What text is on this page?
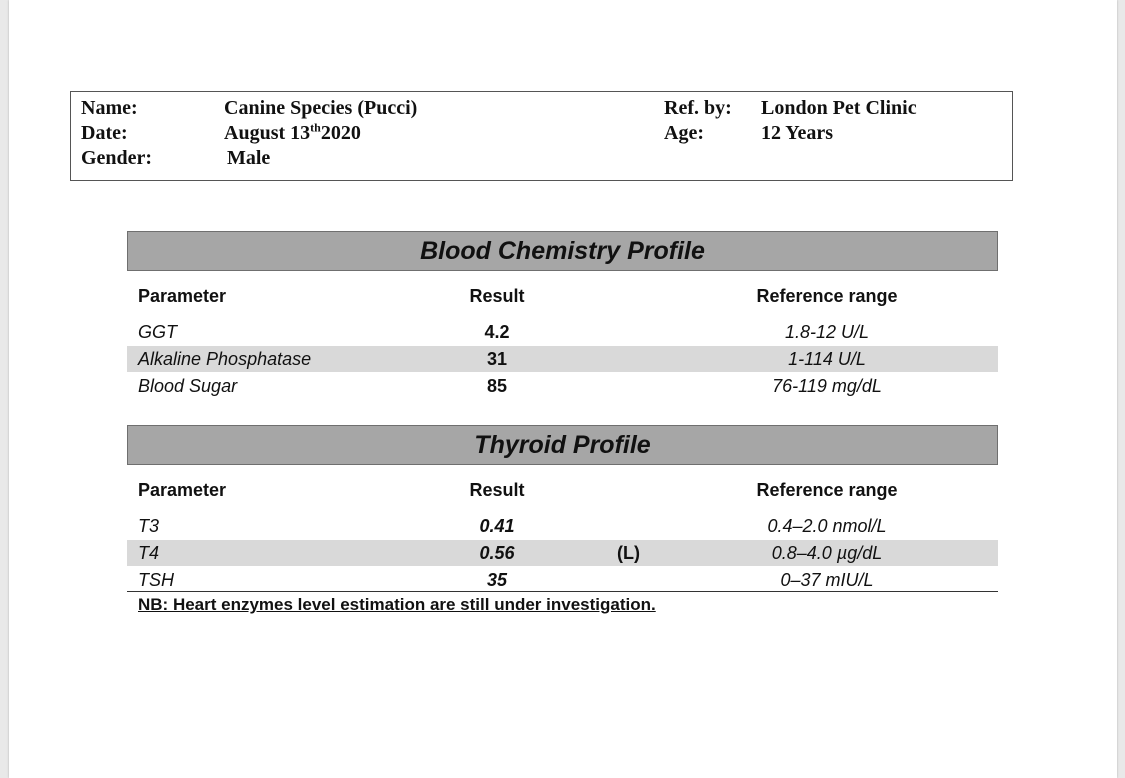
Name:	Canine Species (Pucci)
Date:	August 13th2020
Gender:	Male
Ref. by: London Pet Clinic
Age:	12 Years
Blood Chemistry Profile
Parameter	Result	Reference range
GGT	4.2	1.8-12 U/L
Alkaline Phosphatase	31	1-114 U/L
Blood Sugar	85	76-119 mg/dL
Thyroid Profile
Parameter	Result	Reference range
T3	0.41	0.4–2.0 nmol/L
T4	0.56	(L)	0.8–4.0 µg/dL
TSH	35	0–37 mIU/L
NB: Heart enzymes level estimation are still under investigation.
